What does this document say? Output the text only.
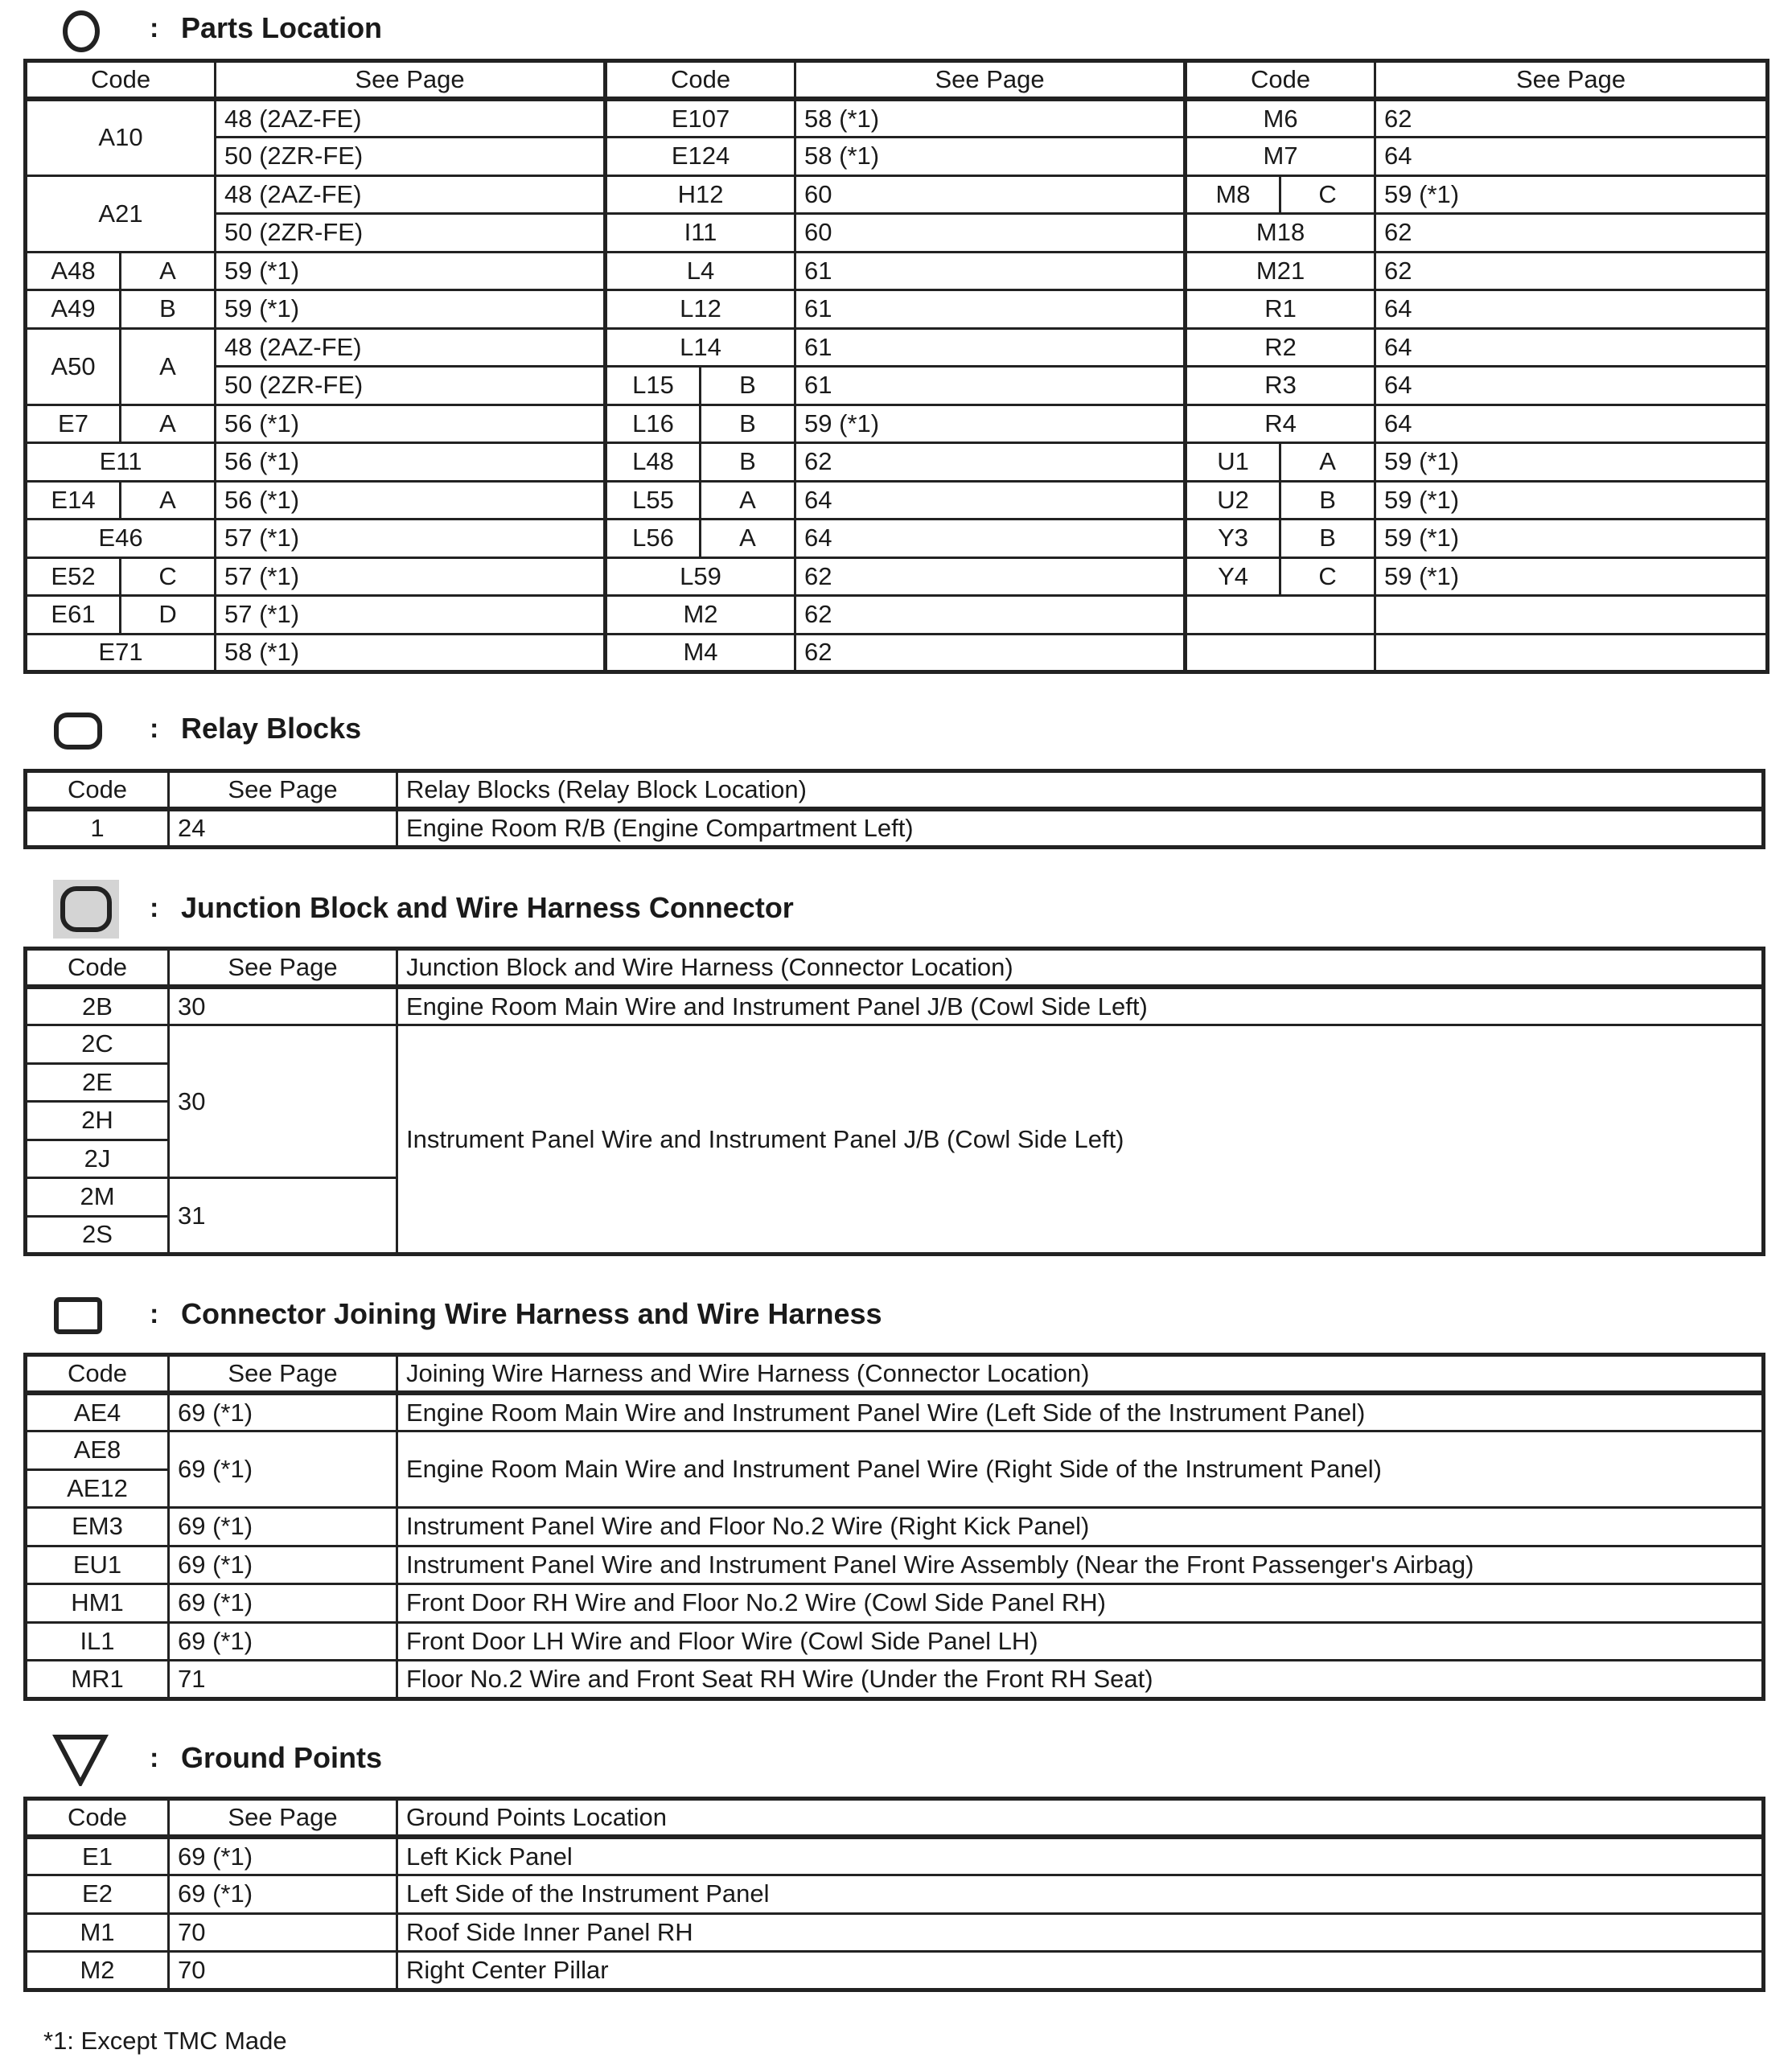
: Parts Location
Code		See Page	Code		See Page	Code		See Page
A10		48 (2AZ-FE)	E107		58 (*1)	M6		62
		50 (2ZR-FE)	E124		58 (*1)	M7		64
A21		48 (2AZ-FE)	H12		60	M8	C	59 (*1)
		50 (2ZR-FE)	I11		60	M18		62
A48	A	59 (*1)	L4		61	M21		62
A49	B	59 (*1)	L12		61	R1		64
A50	A	48 (2AZ-FE)	L14		61	R2		64
		50 (2ZR-FE)	L15	B	61	R3		64
E7	A	56 (*1)	L16	B	59 (*1)	R4		64
E11		56 (*1)	L48	B	62	U1	A	59 (*1)
E14	A	56 (*1)	L55	A	64	U2	B	59 (*1)
E46		57 (*1)	L56	A	64	Y3	B	59 (*1)
E52	C	57 (*1)	L59		62	Y4	C	59 (*1)
E61	D	57 (*1)	M2		62			
E71		58 (*1)	M4		62			
: Relay Blocks
Code	See Page	Relay Blocks (Relay Block Location)
1	24	Engine Room R/B (Engine Compartment Left)
: Junction Block and Wire Harness Connector
Code	See Page	Junction Block and Wire Harness (Connector Location)
2B	30	Engine Room Main Wire and Instrument Panel J/B (Cowl Side Left)
2C	30	Instrument Panel Wire and Instrument Panel J/B (Cowl Side Left)
2E		
2H		
2J		
2M	31	
2S		
: Connector Joining Wire Harness and Wire Harness
Code	See Page	Joining Wire Harness and Wire Harness (Connector Location)
AE4	69 (*1)	Engine Room Main Wire and Instrument Panel Wire (Left Side of the Instrument Panel)
AE8	69 (*1)	Engine Room Main Wire and Instrument Panel Wire (Right Side of the Instrument Panel)
AE12		
EM3	69 (*1)	Instrument Panel Wire and Floor No.2 Wire (Right Kick Panel)
EU1	69 (*1)	Instrument Panel Wire and Instrument Panel Wire Assembly (Near the Front Passenger's Airbag)
HM1	69 (*1)	Front Door RH Wire and Floor No.2 Wire (Cowl Side Panel RH)
IL1	69 (*1)	Front Door LH Wire and Floor Wire (Cowl Side Panel LH)
MR1	71	Floor No.2 Wire and Front Seat RH Wire (Under the Front RH Seat)
: Ground Points
Code	See Page	Ground Points Location
E1	69 (*1)	Left Kick Panel
E2	69 (*1)	Left Side of the Instrument Panel
M1	70	Roof Side Inner Panel RH
M2	70	Right Center Pillar
*1: Except TMC Made
